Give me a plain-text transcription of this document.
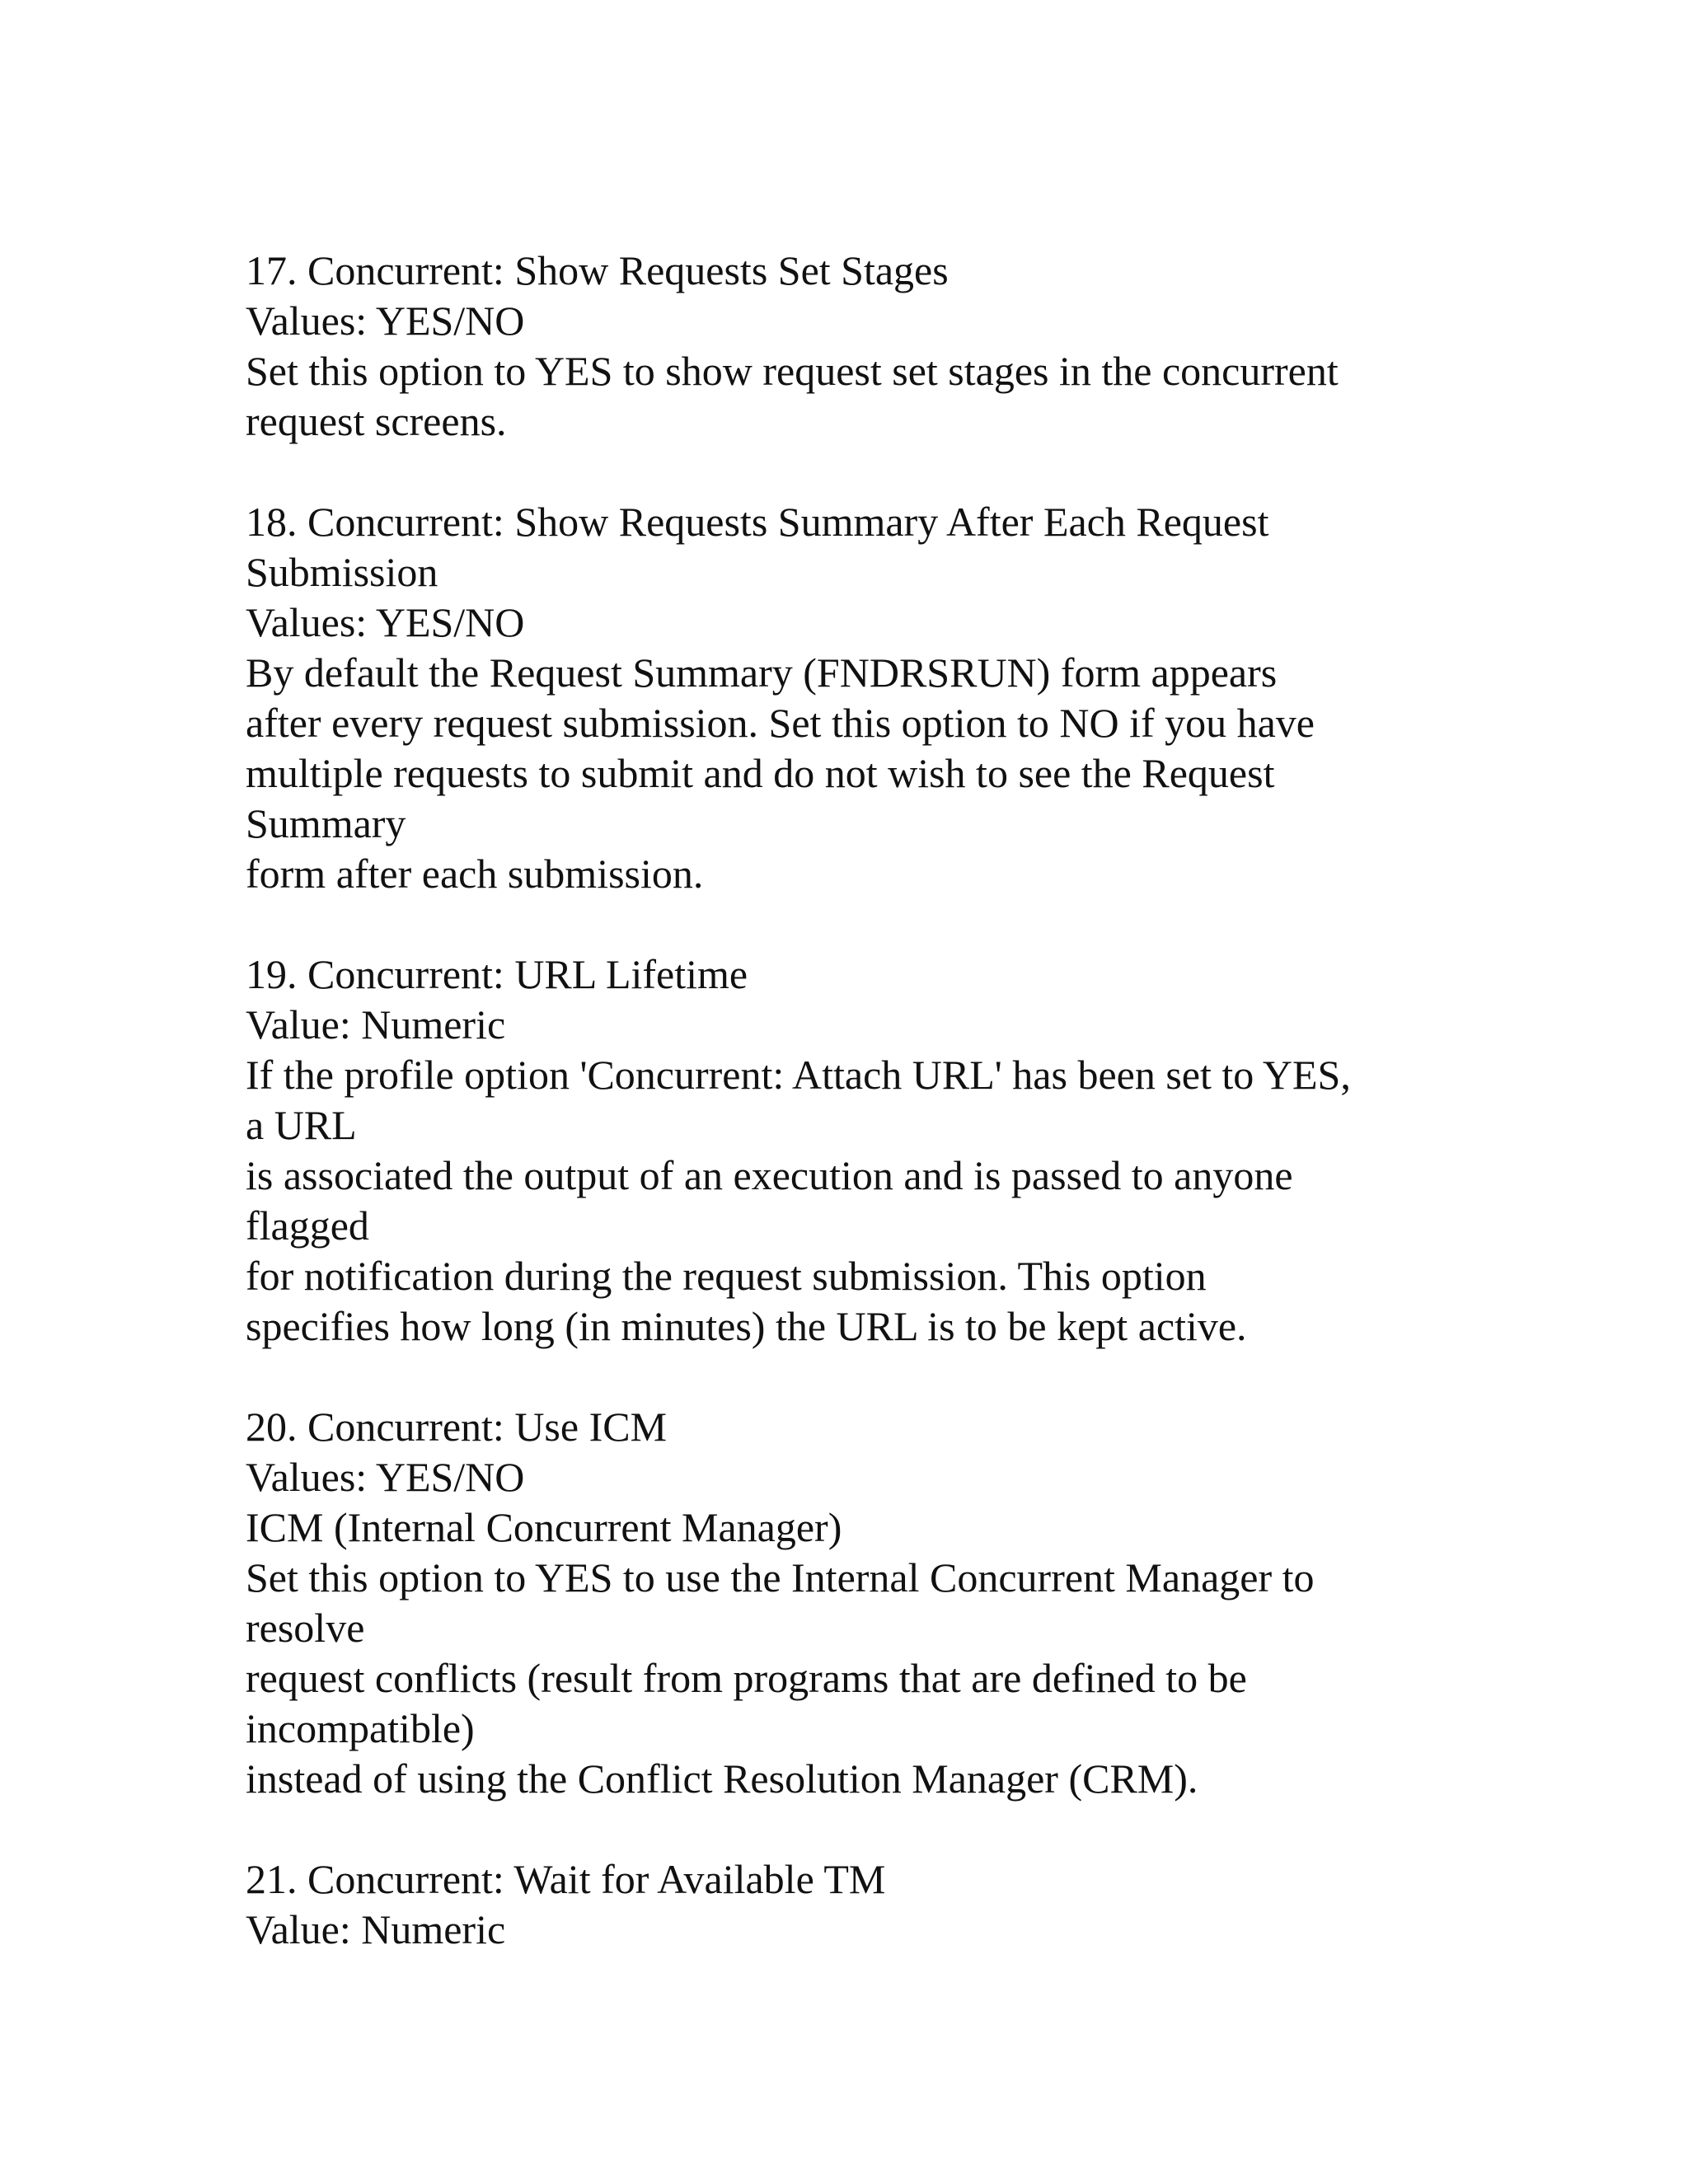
17. Concurrent: Show Requests Set Stages
Values: YES/NO
Set this option to YES to show request set stages in the concurrent
request screens.
18. Concurrent: Show Requests Summary After Each Request
Submission
Values: YES/NO
By default the Request Summary (FNDRSRUN) form appears
after every request submission. Set this option to NO if you have
multiple requests to submit and do not wish to see the Request
Summary
form after each submission.
19. Concurrent: URL Lifetime
Value: Numeric
If the profile option 'Concurrent: Attach URL' has been set to YES,
a URL
is associated the output of an execution and is passed to anyone
flagged
for notification during the request submission. This option
specifies how long (in minutes) the URL is to be kept active.
20. Concurrent: Use ICM
Values: YES/NO
ICM (Internal Concurrent Manager)
Set this option to YES to use the Internal Concurrent Manager to
resolve
request conflicts (result from programs that are defined to be
incompatible)
instead of using the Conflict Resolution Manager (CRM).
21. Concurrent: Wait for Available TM
Value: Numeric
